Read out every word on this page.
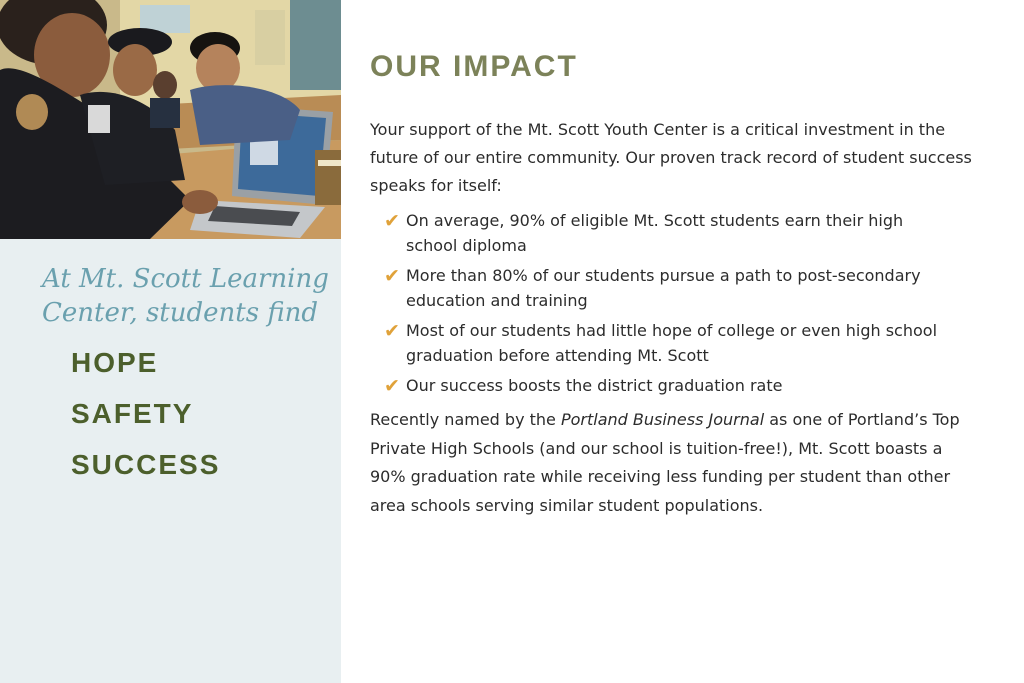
At Mt. Scott Learning Center, students find

HOPE
SAFETY
SUCCESS
OUR IMPACT

Your support of the Mt. Scott Youth Center is a critical investment in the future of our entire community. Our proven track record of student success speaks for itself:

✔ On average, 90% of eligible Mt. Scott students earn their high school diploma
✔ More than 80% of our students pursue a path to post-secondary education and training
✔ Most of our students had little hope of college or even high school graduation before attending Mt. Scott
✔ Our success boosts the district graduation rate

Recently named by the Portland Business Journal as one of Portland’s Top Private High Schools (and our school is tuition-free!), Mt. Scott boasts a 90% graduation rate while receiving less funding per student than other area schools serving similar student populations.
